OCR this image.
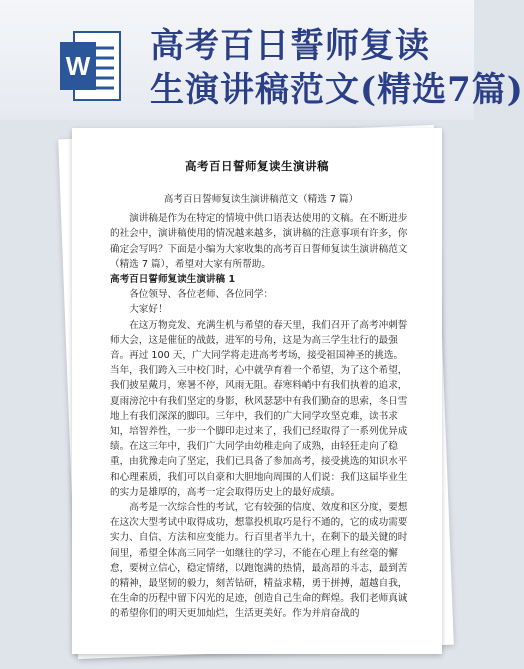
W 高考百日誓师复读
生演讲稿范文(精选7篇)
高考百日誓师复读生演讲稿

高考百日誓师复读生演讲稿范文（精选 7 篇）

演讲稿是作为在特定的情境中供口语表达使用的文稿。在不断进步的社会中，演讲稿使用的情况越来越多，演讲稿的注意事项有许多，你确定会写吗？下面是小编为大家收集的高考百日誓师复读生演讲稿范文（精选 7 篇），希望对大家有所帮助。

高考百日誓师复读生演讲稿 1

各位领导、各位老师、各位同学：

大家好！

在这万物竞发、充满生机与希望的春天里，我们召开了高考冲刺誓师大会，这是催征的战鼓，进军的号角，这是为高三学生壮行的最强音。再过 100 天，广大同学将走进高考考场，接受祖国神圣的挑选。当年，我们跨入三中校门时，心中就孕育着一个希望，为了这个希望，我们披星戴月，寒暑不停，风雨无阻。春寒料峭中有我们执着的追求，夏雨滂沱中有我们坚定的身影，秋风瑟瑟中有我们勤奋的思索，冬日雪地上有我们深深的脚印。三年中，我们的广大同学攻坚克难，读书求知，培智养性，一步一个脚印走过来了，我们已经取得了一系列优异成绩。在这三年中，我们广大同学由幼稚走向了成熟，由轻狂走向了稳重，由犹豫走向了坚定，我们已具备了参加高考，接受挑选的知识水平和心理素质，我们可以自豪和大胆地向周围的人们说：我们这届毕业生的实力是雄厚的，高考一定会取得历史上的最好成绩。

高考是一次综合性的考试，它有较强的信度、效度和区分度，要想在这次大型考试中取得成功，想靠投机取巧是行不通的，它的成功需要实力、自信、方法和应变能力。行百里者半九十，在剩下的最关键的时间里，希望全体高三同学一如继往的学习，不能在心理上有丝毫的懈怠，要树立信心，稳定情绪，以跑饱满的热情，最高昂的斗志，最到苦的精神，最坚韧的毅力，刻苦钻研，精益求精，勇于拼搏，超越自我，在生命的历程中留下闪光的足迹，创造自己生命的辉煌。我们老师真诚的希望你们的明天更加灿烂，生活更美好。作为并肩奋战的
